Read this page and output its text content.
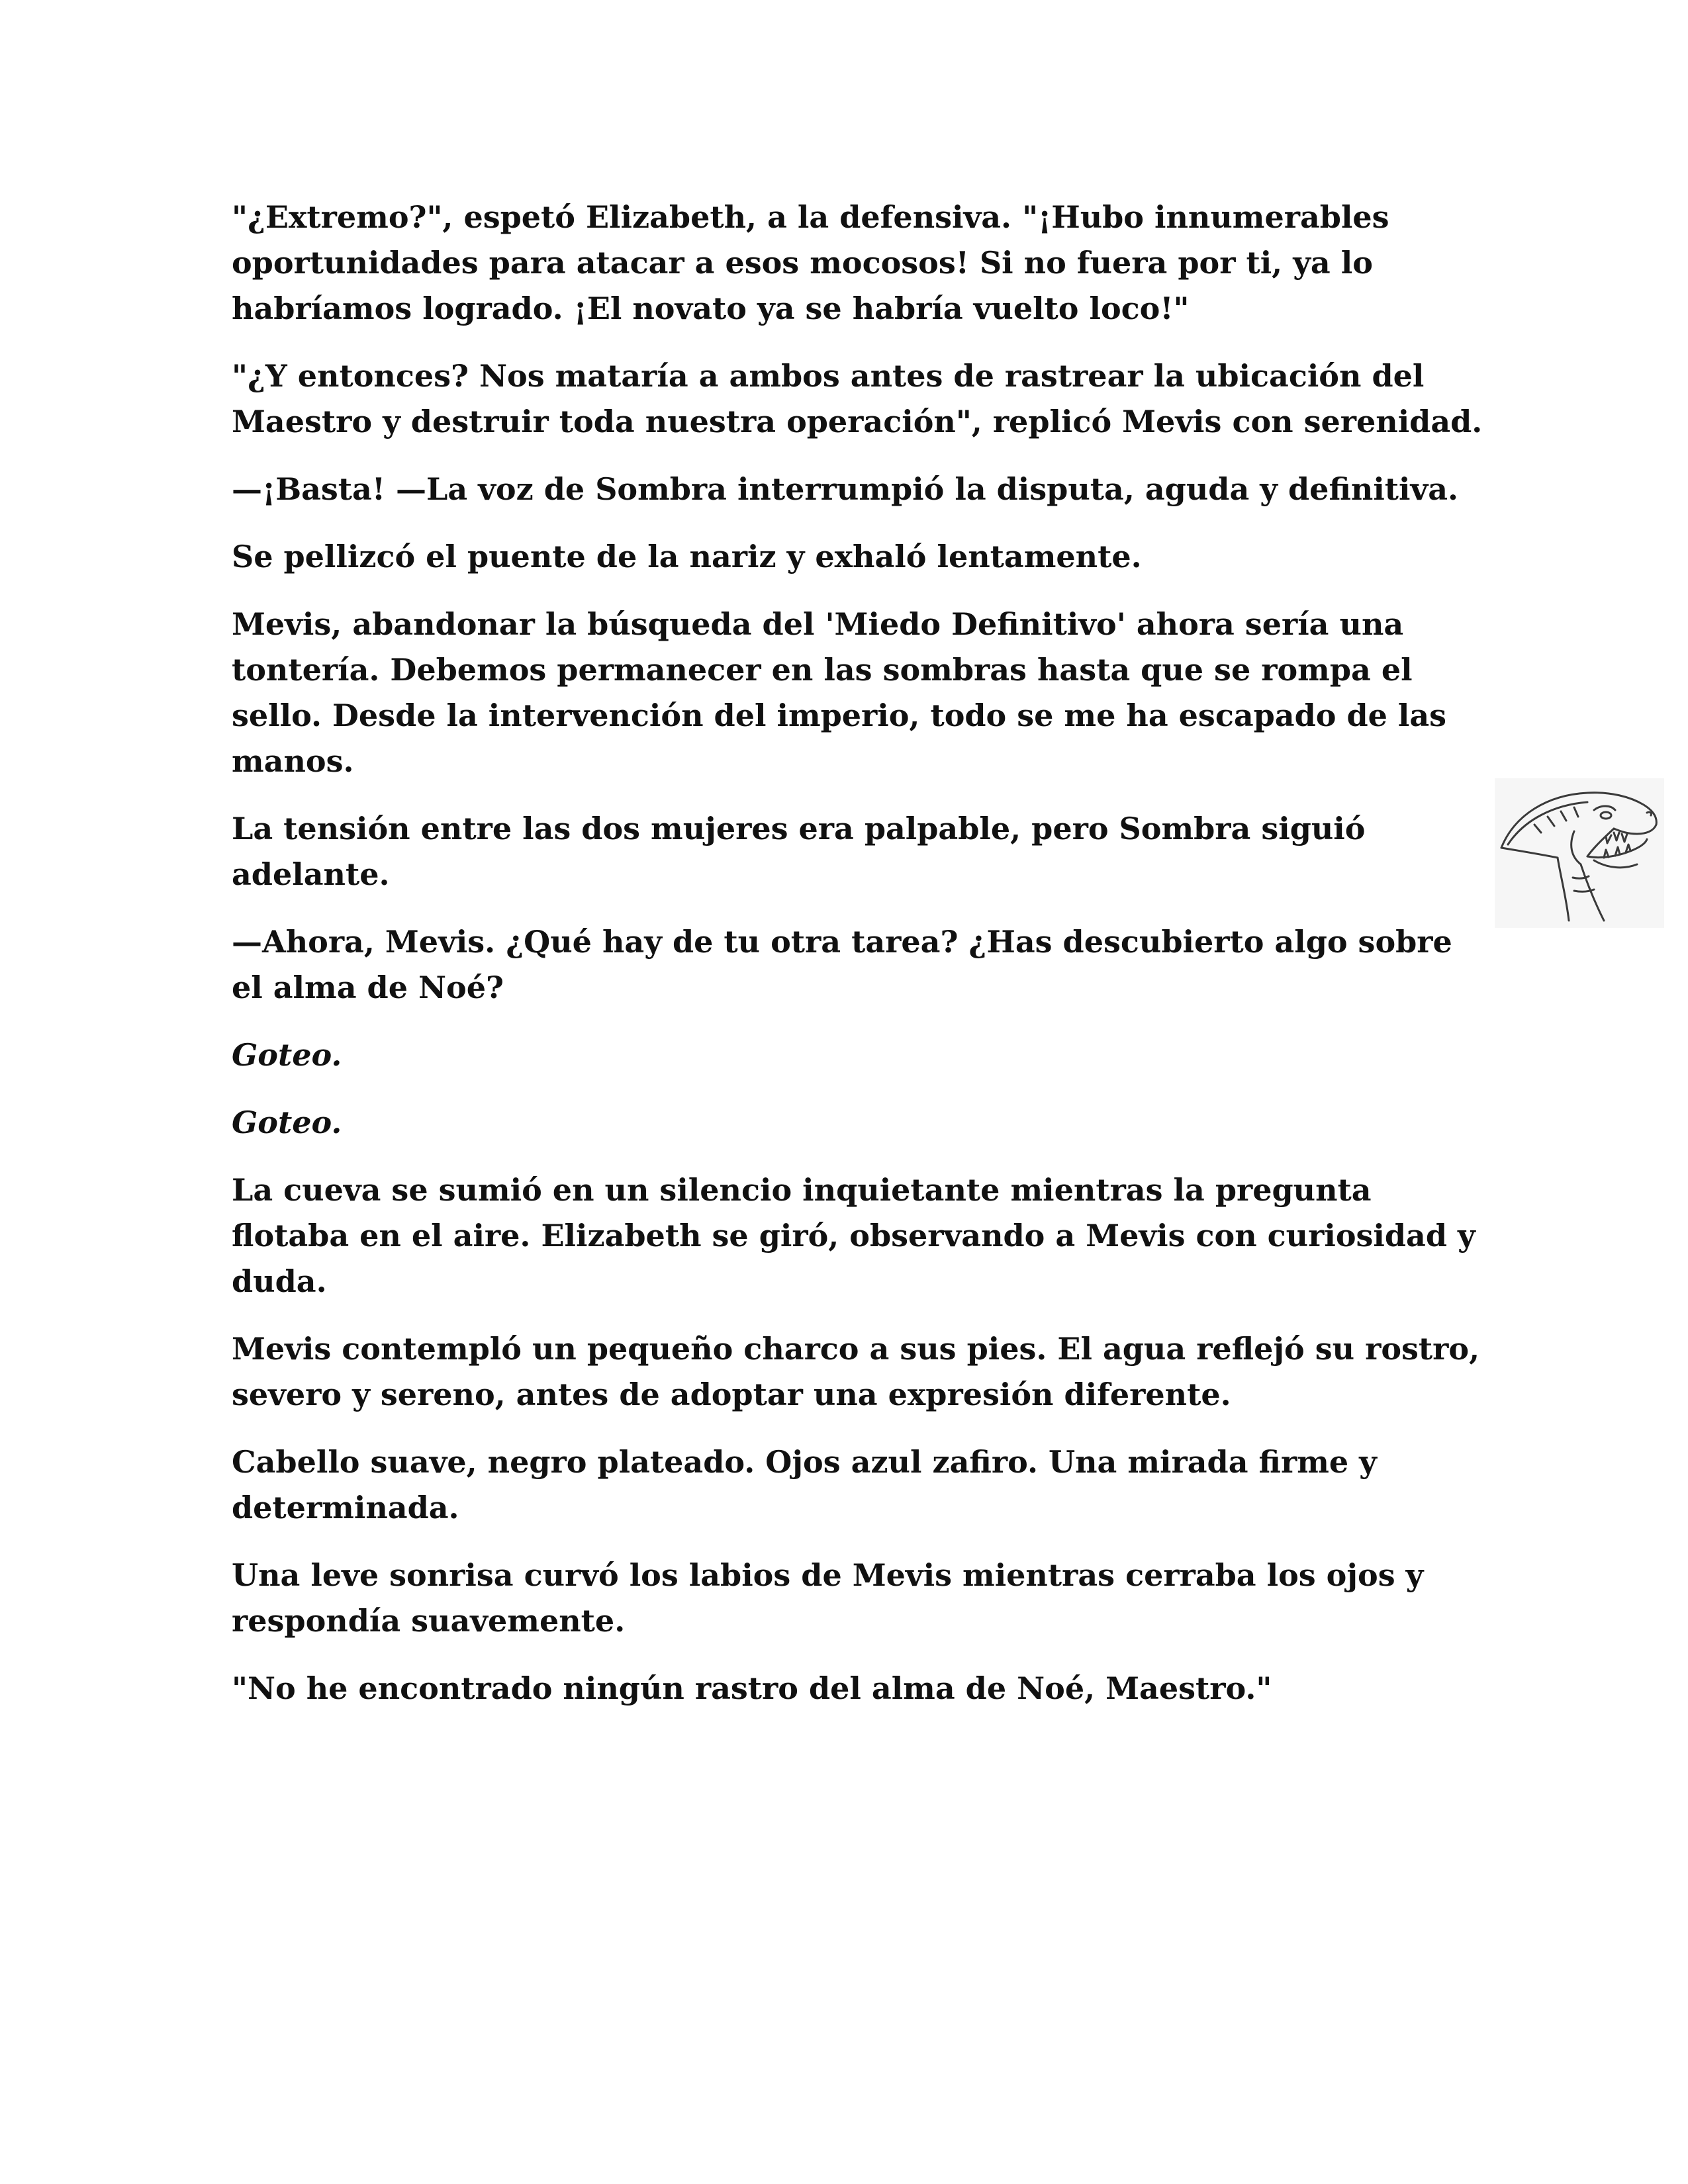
"¿Extremo?", espetó Elizabeth, a la defensiva. "¡Hubo innumerables oportunidades para atacar a esos mocosos! Si no fuera por ti, ya lo habríamos logrado. ¡El novato ya se habría vuelto loco!"

"¿Y entonces? Nos mataría a ambos antes de rastrear la ubicación del Maestro y destruir toda nuestra operación", replicó Mevis con serenidad.

—¡Basta! —La voz de Sombra interrumpió la disputa, aguda y definitiva.

Se pellizcó el puente de la nariz y exhaló lentamente.

Mevis, abandonar la búsqueda del 'Miedo Definitivo' ahora sería una tontería. Debemos permanecer en las sombras hasta que se rompa el sello. Desde la intervención del imperio, todo se me ha escapado de las manos.

La tensión entre las dos mujeres era palpable, pero Sombra siguió adelante.

—Ahora, Mevis. ¿Qué hay de tu otra tarea? ¿Has descubierto algo sobre el alma de Noé?

Goteo.

Goteo.

La cueva se sumió en un silencio inquietante mientras la pregunta flotaba en el aire. Elizabeth se giró, observando a Mevis con curiosidad y duda.

Mevis contempló un pequeño charco a sus pies. El agua reflejó su rostro, severo y sereno, antes de adoptar una expresión diferente.

Cabello suave, negro plateado. Ojos azul zafiro. Una mirada firme y determinada.

Una leve sonrisa curvó los labios de Mevis mientras cerraba los ojos y respondía suavemente.

"No he encontrado ningún rastro del alma de Noé, Maestro."
